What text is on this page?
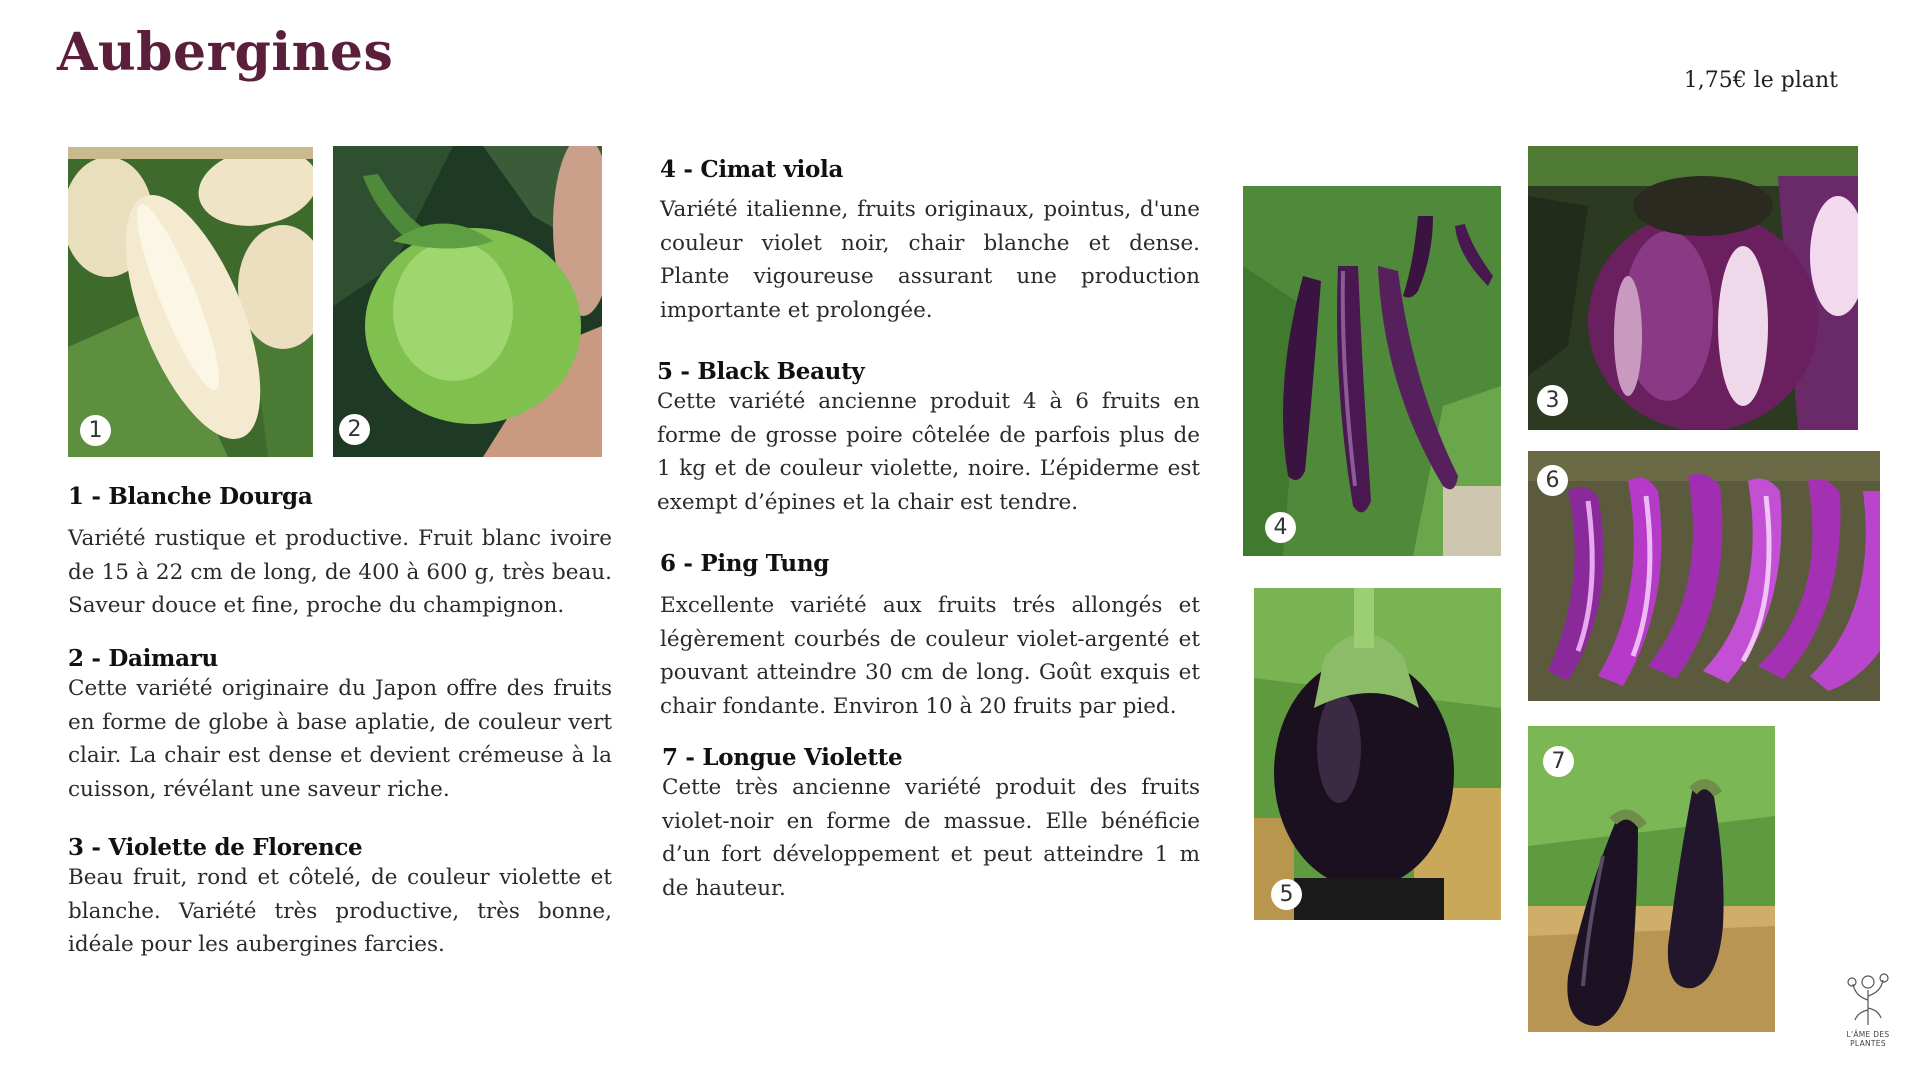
Aubergines	1,75€ le plant
1	2
1 - Blanche Dourga

Variété rustique et productive. Fruit blanc ivoire de 15 à 22 cm de long, de 400 à 600 g, très beau. Saveur douce et fine, proche du champignon.

2 - Daimaru

Cette variété originaire du Japon offre des fruits en forme de globe à base aplatie, de couleur vert clair. La chair est dense et devient crémeuse à la cuisson, révélant une saveur riche.

3 - Violette de Florence

Beau fruit, rond et côtelé, de couleur violette et blanche. Variété très productive, très bonne, idéale pour les aubergines farcies.

4 - Cimat viola

Variété italienne, fruits originaux, pointus, d'une couleur violet noir, chair blanche et dense. Plante vigoureuse assurant une production importante et prolongée.

5 - Black Beauty

Cette variété ancienne produit 4 à 6 fruits en forme de grosse poire côtelée de parfois plus de 1 kg et de couleur violette, noire. L’épiderme est exempt d’épines et la chair est tendre.

6 - Ping Tung

Excellente variété aux fruits trés allongés et légèrement courbés de couleur violet-argenté et pouvant atteindre 30 cm de long. Goût exquis et chair fondante. Environ 10 à 20 fruits par pied.

7 - Longue Violette

Cette très ancienne variété produit des fruits violet-noir en forme de massue. Elle bénéficie d’un fort développement et peut atteindre 1 m de hauteur.

4
5
3
6
7
L'ÂME DES PLANTES
